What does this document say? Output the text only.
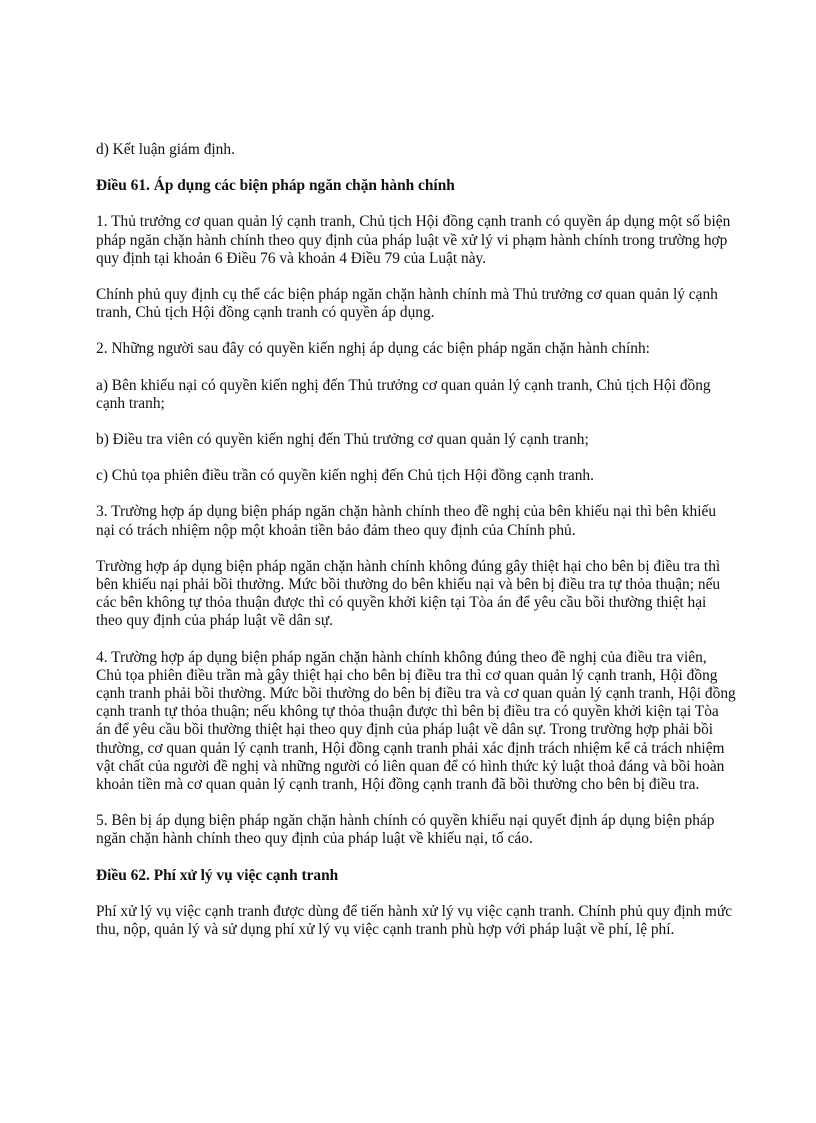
d) Kết luận giám định.

Điều 61. Áp dụng các biện pháp ngăn chặn hành chính

1. Thủ trưởng cơ quan quản lý cạnh tranh, Chủ tịch Hội đồng cạnh tranh có quyền áp dụng một số biện pháp ngăn chặn hành chính theo quy định của pháp luật về xử lý vi phạm hành chính trong trường hợp quy định tại khoản 6 Điều 76 và khoản 4 Điều 79 của Luật này.

Chính phủ quy định cụ thể các biện pháp ngăn chặn hành chính mà Thủ trưởng cơ quan quản lý cạnh tranh, Chủ tịch Hội đồng cạnh tranh có quyền áp dụng.

2. Những người sau đây có quyền kiến nghị áp dụng các biện pháp ngăn chặn hành chính:

a) Bên khiếu nại có quyền kiến nghị đến Thủ trưởng cơ quan quản lý cạnh tranh, Chủ tịch Hội đồng cạnh tranh;

b) Điều tra viên có quyền kiến nghị đến Thủ trưởng cơ quan quản lý cạnh tranh;

c) Chủ tọa phiên điều trần có quyền kiến nghị đến Chủ tịch Hội đồng cạnh tranh.

3. Trường hợp áp dụng biện pháp ngăn chặn hành chính theo đề nghị của bên khiếu nại thì bên khiếu nại có trách nhiệm nộp một khoản tiền bảo đảm theo quy định của Chính phủ.

Trường hợp áp dụng biện pháp ngăn chặn hành chính không đúng gây thiệt hại cho bên bị điều tra thì bên khiếu nại phải bồi thường. Mức bồi thường do bên khiếu nại và bên bị điều tra tự thỏa thuận; nếu các bên không tự thỏa thuận được thì có quyền khởi kiện tại Tòa án để yêu cầu bồi thường thiệt hại theo quy định của pháp luật về dân sự.

4. Trường hợp áp dụng biện pháp ngăn chặn hành chính không đúng theo đề nghị của điều tra viên, Chủ tọa phiên điều trần mà gây thiệt hại cho bên bị điều tra thì cơ quan quản lý cạnh tranh, Hội đồng cạnh tranh phải bồi thường. Mức bồi thường do bên bị điều tra và cơ quan quản lý cạnh tranh, Hội đồng cạnh tranh tự thỏa thuận; nếu không tự thỏa thuận được thì bên bị điều tra có quyền khởi kiện tại Tòa án để yêu cầu bồi thường thiệt hại theo quy định của pháp luật về dân sự. Trong trường hợp phải bồi thường, cơ quan quản lý cạnh tranh, Hội đồng cạnh tranh phải xác định trách nhiệm kể cả trách nhiệm vật chất của người đề nghị và những người có liên quan để có hình thức kỷ luật thoả đáng và bồi hoàn khoản tiền mà cơ quan quản lý cạnh tranh, Hội đồng cạnh tranh đã bồi thường cho bên bị điều tra.

5. Bên bị áp dụng biện pháp ngăn chặn hành chính có quyền khiếu nại quyết định áp dụng biện pháp ngăn chặn hành chính theo quy định của pháp luật về khiếu nại, tố cáo.

Điều 62. Phí xử lý vụ việc cạnh tranh

Phí xử lý vụ việc cạnh tranh được dùng để tiến hành xử lý vụ việc cạnh tranh. Chính phủ quy định mức thu, nộp, quản lý và sử dụng phí xử lý vụ việc cạnh tranh phù hợp với pháp luật về phí, lệ phí.
